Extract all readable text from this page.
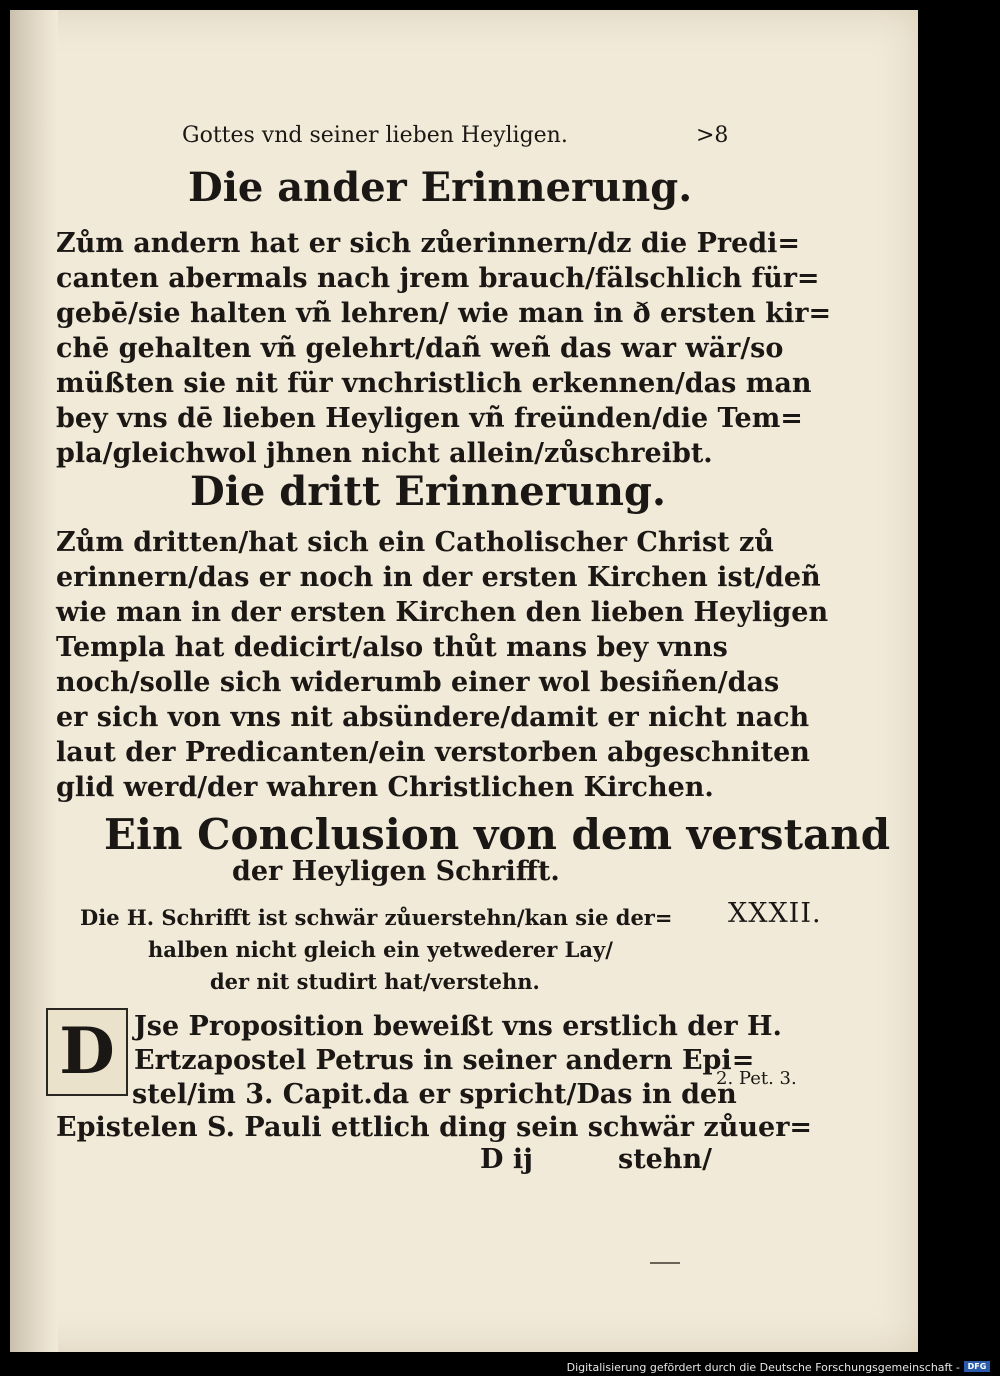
Gottes vnd seiner lieben Heyligen.	>8
Die ander Erinnerung.
Zům andern hat er sich zůerinnern/dz die Predi=
canten abermals nach jrem brauch/fälschlich für=
gebē/sie halten vñ lehren/ wie man in ð ersten kir=
chē gehalten vñ gelehrt/dañ weñ das war wär/so
müßten sie nit für vnchristlich erkennen/das man
bey vns dē lieben Heyligen vñ freünden/die Tem=
pla/gleichwol jhnen nicht allein/zůschreibt.
Die dritt Erinnerung.
Zům dritten/hat sich ein Catholischer Christ zů
erinnern/das er noch in der ersten Kirchen ist/deñ
wie man in der ersten Kirchen den lieben Heyligen
Templa hat dedicirt/also thůt mans bey vnns
noch/solle sich widerumb einer wol besiñen/das
er sich von vns nit absündere/damit er nicht nach
laut der Predicanten/ein verstorben abgeschniten
glid werd/der wahren Christlichen Kirchen.
Ein Conclusion von dem verstand
der Heyligen Schrifft.
Die H. Schrifft ist schwär zůuerstehn/kan sie der=
halben nicht gleich ein yetwederer Lay/
der nit studirt hat/verstehn.
XXXII.
D Jse Proposition beweißt vns erstlich der H.
Ertzapostel Petrus in seiner andern Epi=
stel/im 3. Capit.da er spricht/Das in den
Epistelen S. Pauli ettlich ding sein schwär zůuer=
2. Pet. 3.
D ij	stehn/
Digitalisierung gefördert durch die Deutsche Forschungsgemeinschaft - DFG
